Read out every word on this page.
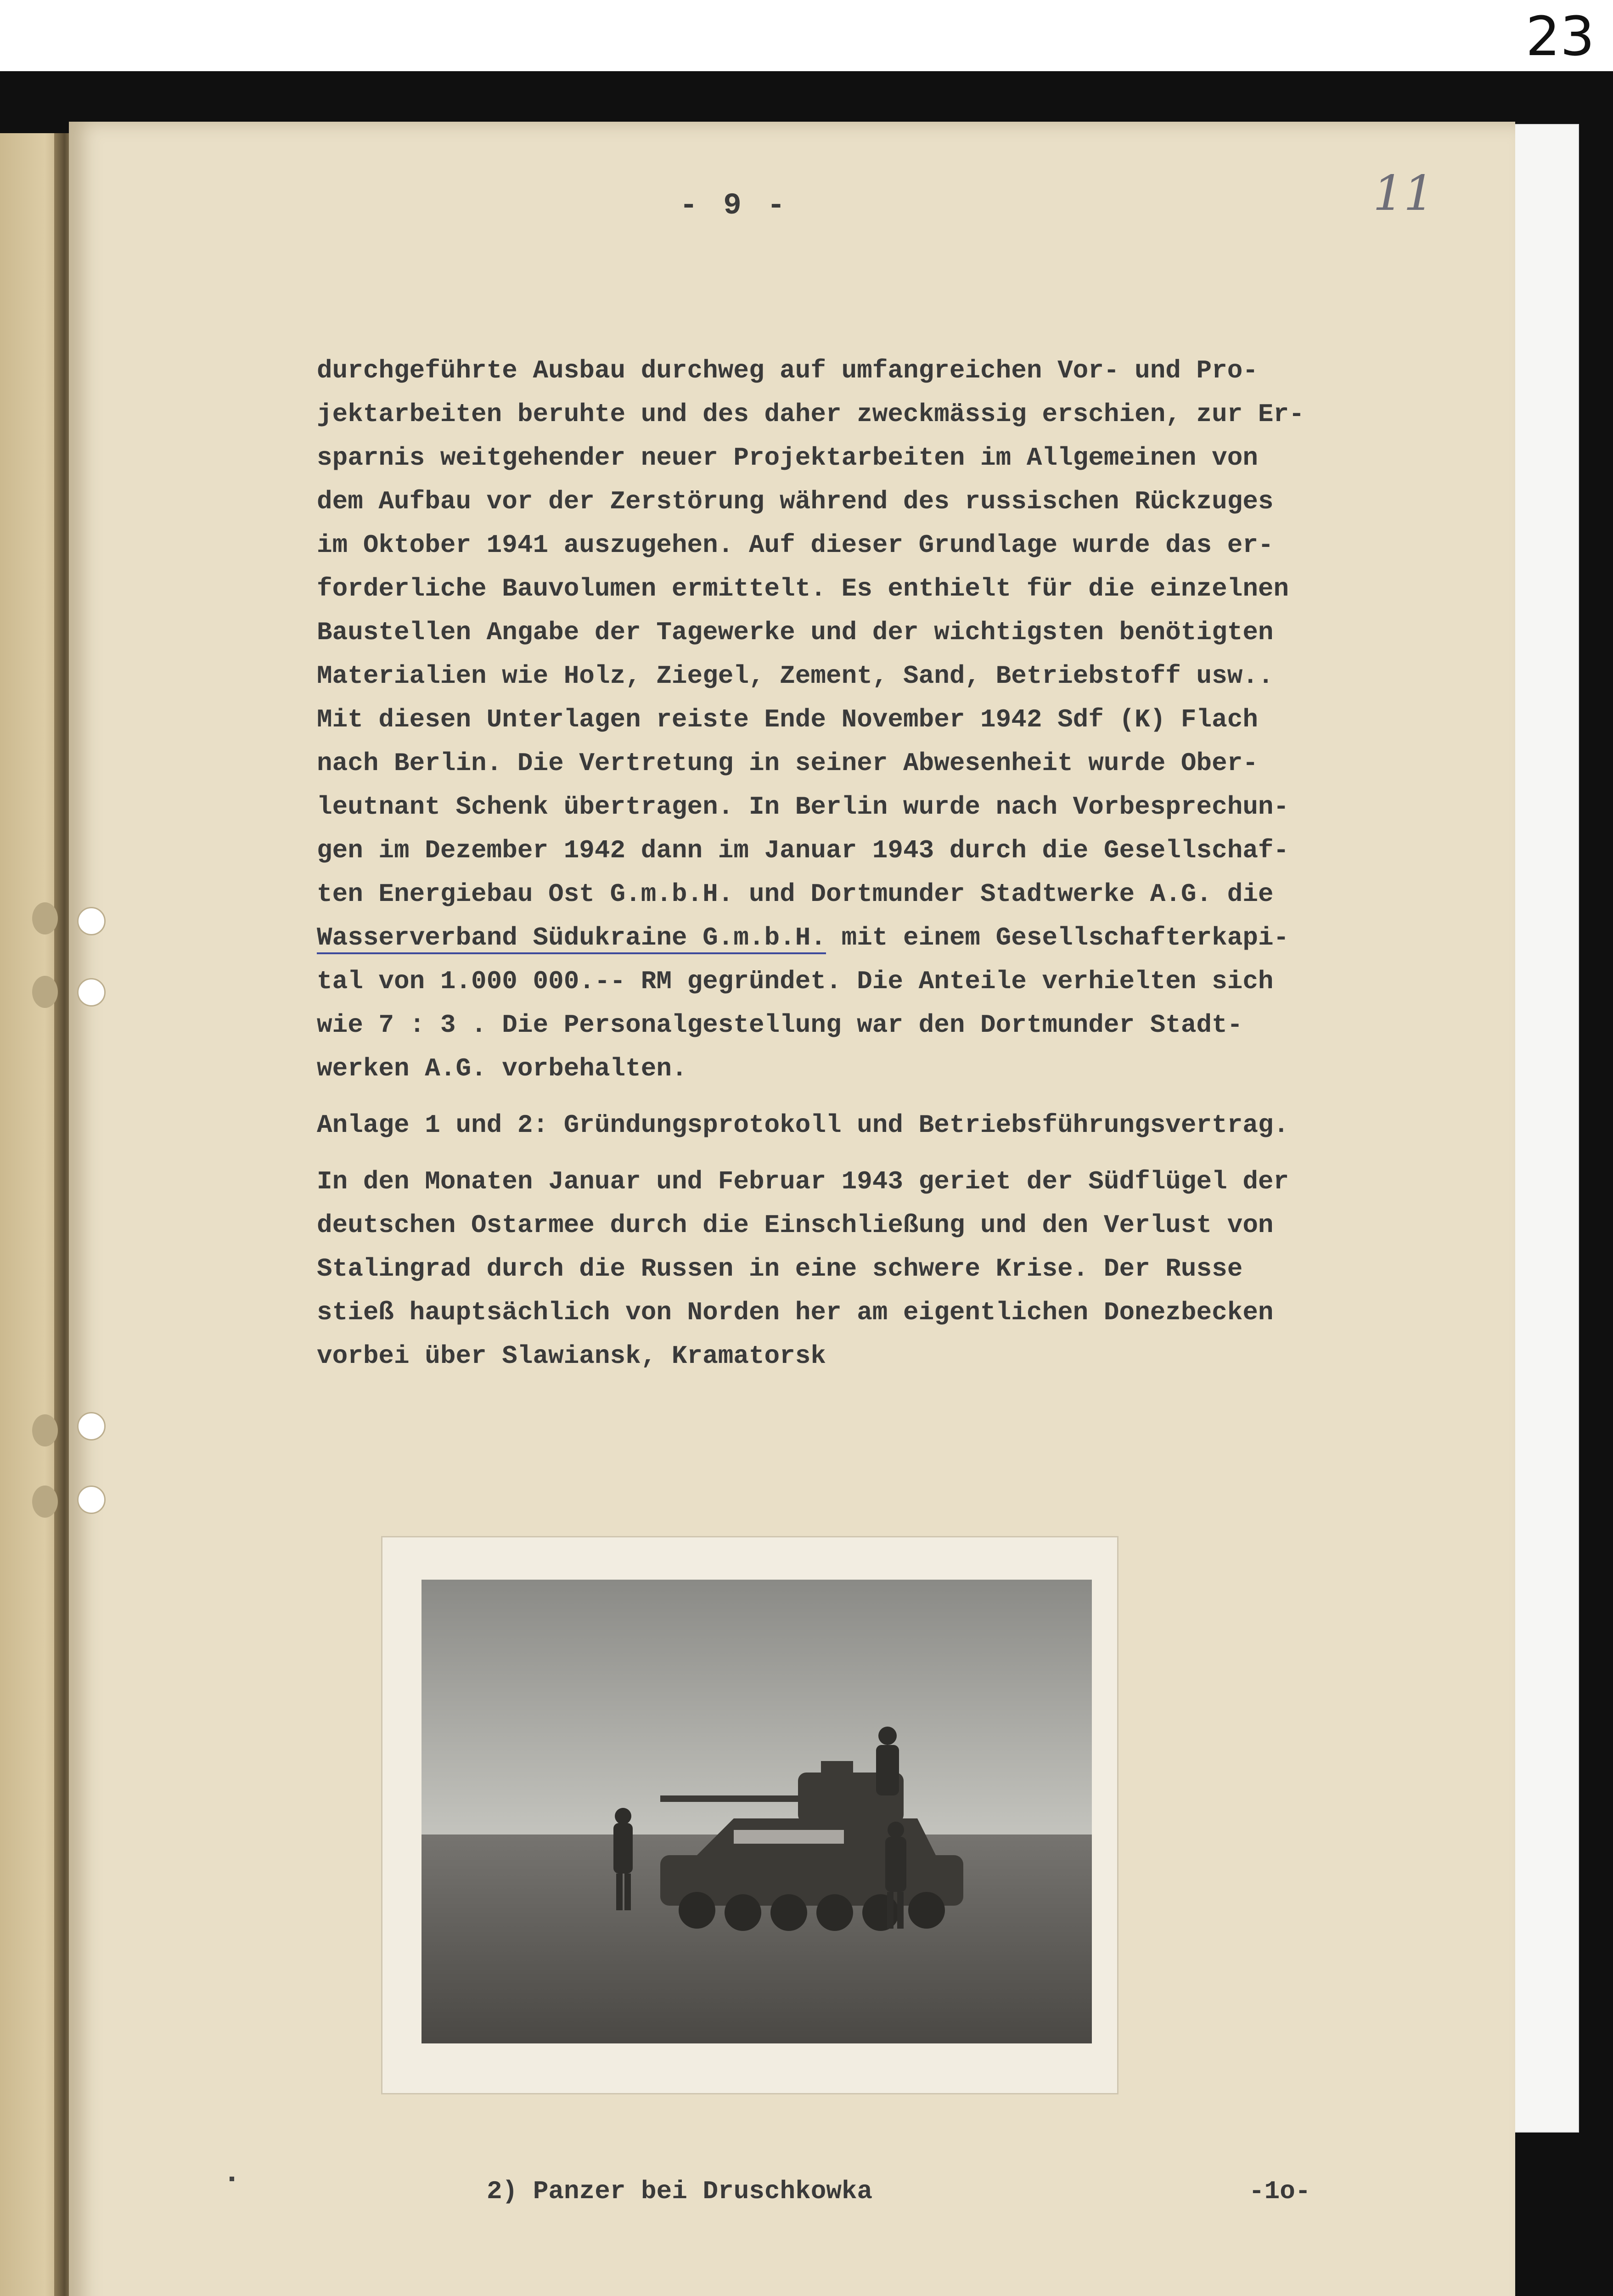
23
- 9 -	11
durchgeführte Ausbau durchweg auf umfangreichen Vor- und Pro-
jektarbeiten beruhte und des daher zweckmässig erschien, zur Er-
sparnis weitgehender neuer Projektarbeiten im Allgemeinen von
dem Aufbau vor der Zerstörung während des russischen Rückzuges
im Oktober 1941 auszugehen. Auf dieser Grundlage wurde das er-
forderliche Bauvolumen ermittelt. Es enthielt für die einzelnen
Baustellen Angabe der Tagewerke und der wichtigsten benötigten
Materialien wie Holz, Ziegel, Zement, Sand, Betriebstoff usw..
Mit diesen Unterlagen reiste Ende November 1942 Sdf (K) Flach
nach Berlin. Die Vertretung in seiner Abwesenheit wurde Ober-
leutnant Schenk übertragen. In Berlin wurde nach Vorbesprechun-
gen im Dezember 1942 dann im Januar 1943 durch die Gesellschaf-
ten Energiebau Ost G.m.b.H. und Dortmunder Stadtwerke A.G. die
Wasserverband Südukraine G.m.b.H. mit einem Gesellschafterkapi-
tal von 1.000 000.-- RM gegründet. Die Anteile verhielten sich
wie 7 : 3 . Die Personalgestellung war den Dortmunder Stadt-
werken A.G. vorbehalten.
Anlage 1 und 2: Gründungsprotokoll und Betriebsführungsvertrag.
In den Monaten Januar und Februar 1943 geriet der Südflügel der
deutschen Ostarmee durch die Einschließung und den Verlust von
Stalingrad durch die Russen in eine schwere Krise. Der Russe
stieß hauptsächlich von Norden her am eigentlichen Donezbecken
vorbei über Slawiansk, Kramatorsk
2) Panzer bei Druschkowka	-1o-
